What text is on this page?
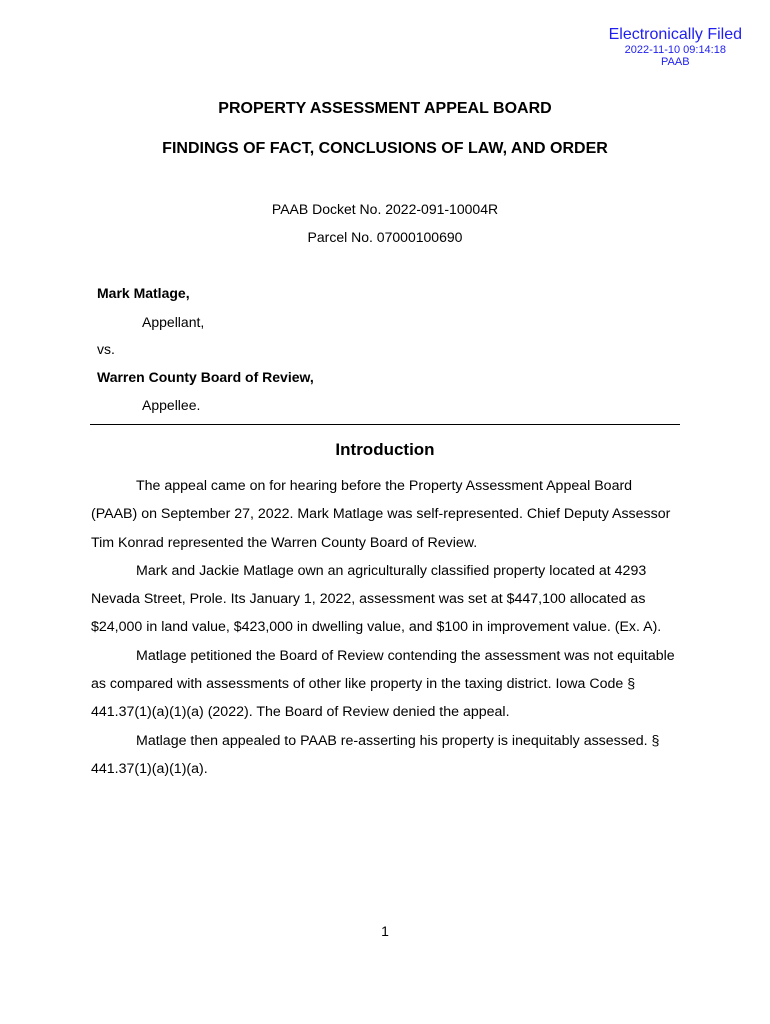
Electronically Filed
2022-11-10 09:14:18
PAAB
PROPERTY ASSESSMENT APPEAL BOARD
FINDINGS OF FACT, CONCLUSIONS OF LAW, AND ORDER
PAAB Docket No. 2022-091-10004R
Parcel No. 07000100690
Mark Matlage,
Appellant,
vs.
Warren County Board of Review,
Appellee.
Introduction

The appeal came on for hearing before the Property Assessment Appeal Board (PAAB) on September 27, 2022. Mark Matlage was self-represented. Chief Deputy Assessor Tim Konrad represented the Warren County Board of Review.

Mark and Jackie Matlage own an agriculturally classified property located at 4293 Nevada Street, Prole. Its January 1, 2022, assessment was set at $447,100 allocated as $24,000 in land value, $423,000 in dwelling value, and $100 in improvement value. (Ex. A).

Matlage petitioned the Board of Review contending the assessment was not equitable as compared with assessments of other like property in the taxing district. Iowa Code § 441.37(1)(a)(1)(a) (2022). The Board of Review denied the appeal.

Matlage then appealed to PAAB re-asserting his property is inequitably assessed. § 441.37(1)(a)(1)(a).

1
